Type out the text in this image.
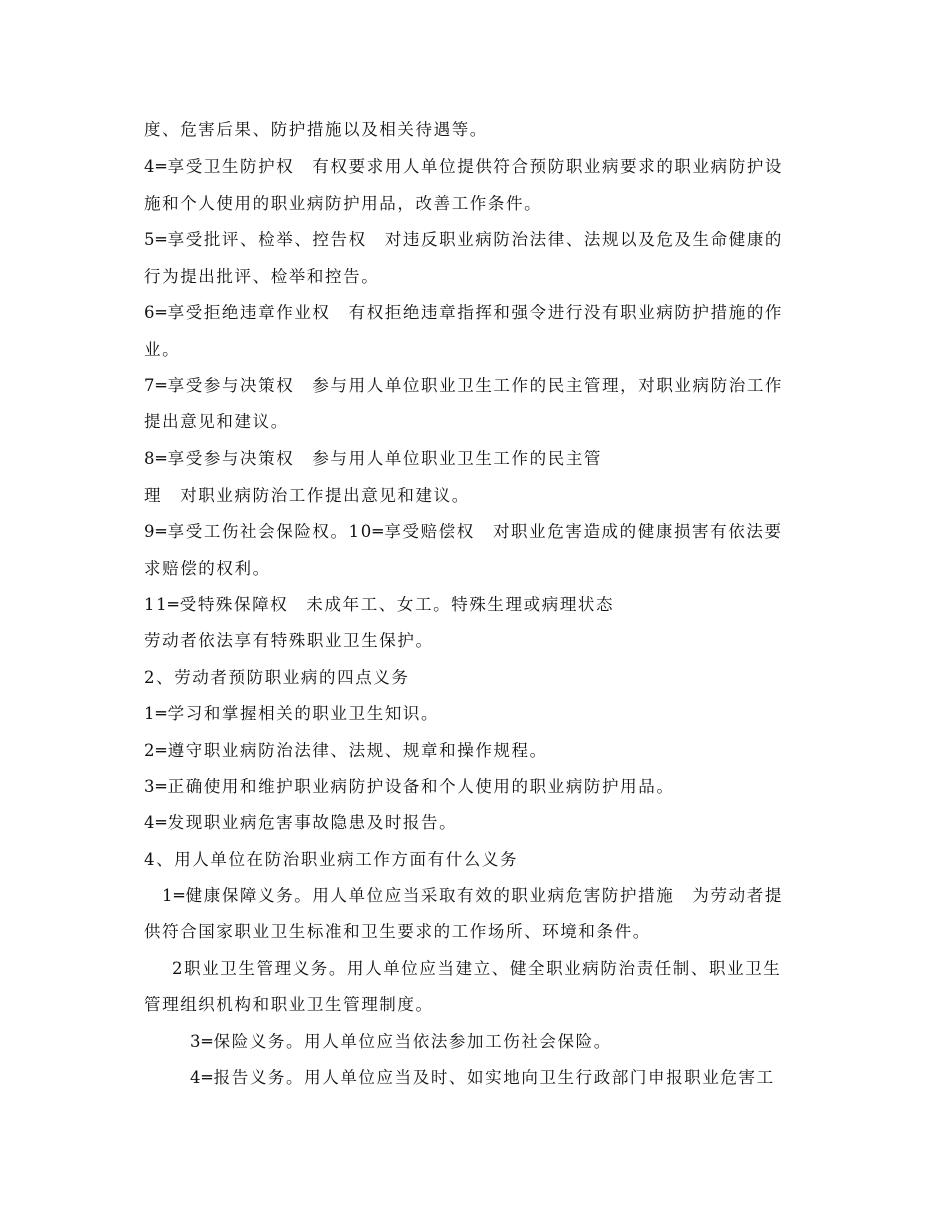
度、危害后果、防护措施以及相关待遇等。
4═享受卫生防护权　有权要求用人单位提供符合预防职业病要求的职业病防护设
施和个人使用的职业病防护用品，改善工作条件。
5═享受批评、检举、控告权　对违反职业病防治法律、法规以及危及生命健康的
行为提出批评、检举和控告。
6═享受拒绝违章作业权　有权拒绝违章指挥和强令进行没有职业病防护措施的作
业。
7═享受参与决策权　参与用人单位职业卫生工作的民主管理，对职业病防治工作
提出意见和建议。
8═享受参与决策权　参与用人单位职业卫生工作的民主管
理　对职业病防治工作提出意见和建议。
9═享受工伤社会保险权。10═享受赔偿权　对职业危害造成的健康损害有依法要
求赔偿的权利。
11═受特殊保障权　未成年工、女工。特殊生理或病理状态
劳动者依法享有特殊职业卫生保护。
2、劳动者预防职业病的四点义务
1═学习和掌握相关的职业卫生知识。
2═遵守职业病防治法律、法规、规章和操作规程。
3═正确使用和维护职业病防护设备和个人使用的职业病防护用品。
4═发现职业病危害事故隐患及时报告。
4、用人单位在防治职业病工作方面有什么义务
1═健康保障义务。用人单位应当采取有效的职业病危害防护措施　为劳动者提
供符合国家职业卫生标准和卫生要求的工作场所、环境和条件。
2职业卫生管理义务。用人单位应当建立、健全职业病防治责任制、职业卫生
管理组织机构和职业卫生管理制度。
3═保险义务。用人单位应当依法参加工伤社会保险。
4═报告义务。用人单位应当及时、如实地向卫生行政部门申报职业危害工
